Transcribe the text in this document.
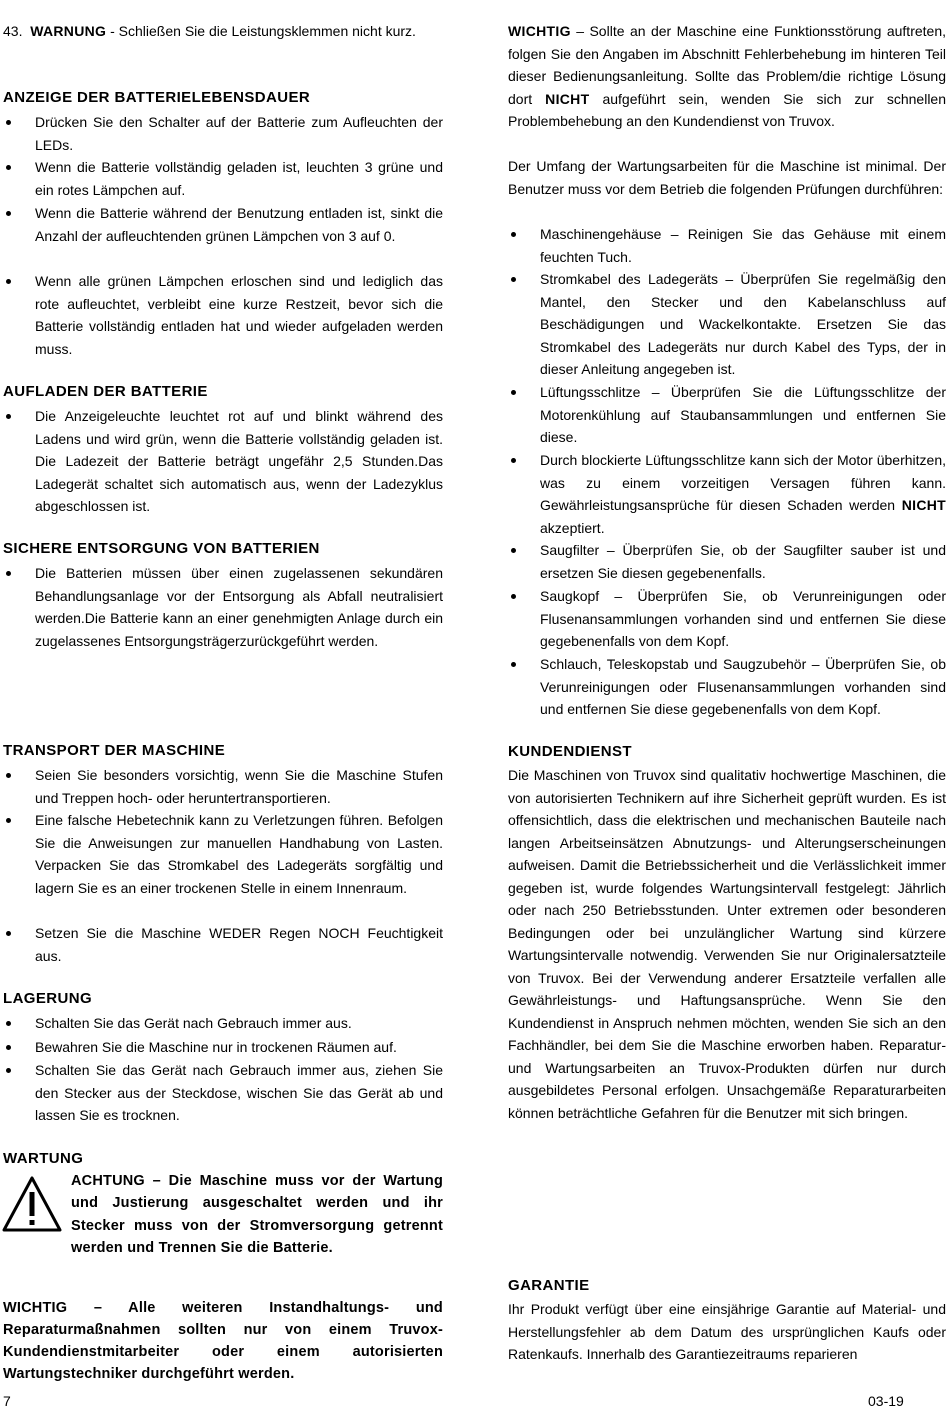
43. WARNUNG - Schließen Sie die Leistungsklemmen nicht kurz.

ANZEIGE DER BATTERIELEBENSDAUER

Drücken Sie den Schalter auf der Batterie zum Aufleuchten der LEDs.

Wenn die Batterie vollständig geladen ist, leuchten 3 grüne und ein rotes Lämpchen auf.

Wenn die Batterie während der Benutzung entladen ist, sinkt die Anzahl der aufleuchtenden grünen Lämpchen von 3 auf 0.

Wenn alle grünen Lämpchen erloschen sind und lediglich das rote aufleuchtet, verbleibt eine kurze Restzeit, bevor sich die Batterie vollständig entladen hat und wieder aufgeladen werden muss.

AUFLADEN DER BATTERIE

Die Anzeigeleuchte leuchtet rot auf und blinkt während des Ladens und wird grün, wenn die Batterie vollständig geladen ist. Die Ladezeit der Batterie beträgt ungefähr 2,5 Stunden.Das Ladegerät schaltet sich automatisch aus, wenn der Ladezyklus abgeschlossen ist.

SICHERE ENTSORGUNG VON BATTERIEN

Die Batterien müssen über einen zugelassenen sekundären Behandlungsanlage vor der Entsorgung als Abfall neutralisiert werden.Die Batterie kann an einer genehmigten Anlage durch ein zugelassenes Entsorgungsträgerzurückgeführt werden.

TRANSPORT DER MASCHINE

Seien Sie besonders vorsichtig, wenn Sie die Maschine Stufen und Treppen hoch- oder heruntertransportieren.

Eine falsche Hebetechnik kann zu Verletzungen führen. Befolgen Sie die Anweisungen zur manuellen Handhabung von Lasten. Verpacken Sie das Stromkabel des Ladegeräts sorgfältig und lagern Sie es an einer trockenen Stelle in einem Innenraum.

Setzen Sie die Maschine WEDER Regen NOCH Feuchtigkeit aus.

LAGERUNG

Schalten Sie das Gerät nach Gebrauch immer aus.

Bewahren Sie die Maschine nur in trockenen Räumen auf.

Schalten Sie das Gerät nach Gebrauch immer aus, ziehen Sie den Stecker aus der Steckdose, wischen Sie das Gerät ab und lassen Sie es trocknen.

WARTUNG
ACHTUNG – Die Maschine muss vor der Wartung und Justierung ausgeschaltet werden und ihr Stecker muss von der Stromversorgung getrennt werden und Trennen Sie die Batterie.

WICHTIG – Alle weiteren Instandhaltungs- und Reparaturmaßnahmen sollten nur von einem Truvox-Kundendienstmitarbeiter oder einem autorisierten Wartungstechniker durchgeführt werden.

WICHTIG – Sollte an der Maschine eine Funktionsstörung auftreten, folgen Sie den Angaben im Abschnitt Fehlerbehebung im hinteren Teil dieser Bedienungsanleitung. Sollte das Problem/die richtige Lösung dort NICHT aufgeführt sein, wenden Sie sich zur schnellen Problembehebung an den Kundendienst von Truvox.

Der Umfang der Wartungsarbeiten für die Maschine ist minimal. Der Benutzer muss vor dem Betrieb die folgenden Prüfungen durchführen:

Maschinengehäuse – Reinigen Sie das Gehäuse mit einem feuchten Tuch.

Stromkabel des Ladegeräts – Überprüfen Sie regelmäßig den Mantel, den Stecker und den Kabelanschluss auf Beschädigungen und Wackelkontakte. Ersetzen Sie das Stromkabel des Ladegeräts nur durch Kabel des Typs, der in dieser Anleitung angegeben ist.

Lüftungsschlitze – Überprüfen Sie die Lüftungsschlitze der Motorenkühlung auf Staubansammlungen und entfernen Sie diese.

Durch blockierte Lüftungsschlitze kann sich der Motor überhitzen, was zu einem vorzeitigen Versagen führen kann. Gewährleistungsansprüche für diesen Schaden werden NICHT akzeptiert.

Saugfilter – Überprüfen Sie, ob der Saugfilter sauber ist und ersetzen Sie diesen gegebenenfalls.

Saugkopf – Überprüfen Sie, ob Verunreinigungen oder Flusenansammlungen vorhanden sind und entfernen Sie diese gegebenenfalls von dem Kopf.

Schlauch, Teleskopstab und Saugzubehör – Überprüfen Sie, ob Verunreinigungen oder Flusenansammlungen vorhanden sind und entfernen Sie diese gegebenenfalls von dem Kopf.

KUNDENDIENST

Die Maschinen von Truvox sind qualitativ hochwertige Maschinen, die von autorisierten Technikern auf ihre Sicherheit geprüft wurden. Es ist offensichtlich, dass die elektrischen und mechanischen Bauteile nach langen Arbeitseinsätzen Abnutzungs- und Alterungserscheinungen aufweisen. Damit die Betriebssicherheit und die Verlässlichkeit immer gegeben ist, wurde folgendes Wartungsintervall festgelegt: Jährlich oder nach 250 Betriebsstunden. Unter extremen oder besonderen Bedingungen oder bei unzulänglicher Wartung sind kürzere Wartungsintervalle notwendig. Verwenden Sie nur Originalersatzteile von Truvox. Bei der Verwendung anderer Ersatzteile verfallen alle Gewährleistungs- und Haftungsansprüche. Wenn Sie den Kundendienst in Anspruch nehmen möchten, wenden Sie sich an den Fachhändler, bei dem Sie die Maschine erworben haben. Reparatur- und Wartungsarbeiten an Truvox-Produkten dürfen nur durch ausgebildetes Personal erfolgen. Unsachgemäße Reparaturarbeiten können beträchtliche Gefahren für die Benutzer mit sich bringen.

GARANTIE

Ihr Produkt verfügt über eine einsjährige Garantie auf Material- und Herstellungsfehler ab dem Datum des ursprünglichen Kaufs oder Ratenkaufs. Innerhalb des Garantiezeitraums reparieren

7	03-19
